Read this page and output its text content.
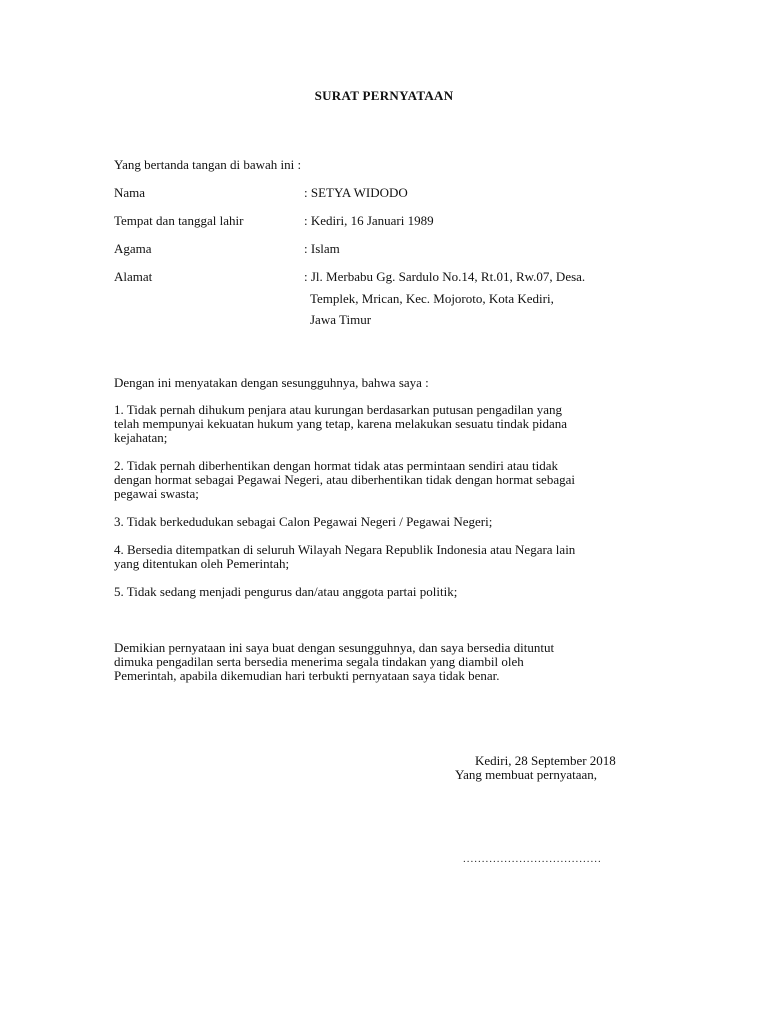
SURAT PERNYATAAN
Yang bertanda tangan di bawah ini :
Nama	: SETYA WIDODO
Tempat dan tanggal lahir	: Kediri, 16 Januari 1989
Agama	: Islam
Alamat	: Jl. Merbabu Gg. Sardulo No.14, Rt.01, Rw.07, Desa.
Templek, Mrican, Kec. Mojoroto, Kota Kediri,
Jawa Timur
Dengan ini menyatakan dengan sesungguhnya, bahwa saya :
1. Tidak pernah dihukum penjara atau kurungan berdasarkan putusan pengadilan yang
telah mempunyai kekuatan hukum yang tetap, karena melakukan sesuatu tindak pidana
kejahatan;
2. Tidak pernah diberhentikan dengan hormat tidak atas permintaan sendiri atau tidak
dengan hormat sebagai Pegawai Negeri, atau diberhentikan tidak dengan hormat sebagai
pegawai swasta;
3. Tidak berkedudukan sebagai Calon Pegawai Negeri / Pegawai Negeri;
4. Bersedia ditempatkan di seluruh Wilayah Negara Republik Indonesia atau Negara lain
yang ditentukan oleh Pemerintah;
5. Tidak sedang menjadi pengurus dan/atau anggota partai politik;
Demikian pernyataan ini saya buat dengan sesungguhnya, dan saya bersedia dituntut
dimuka pengadilan serta bersedia menerima segala tindakan yang diambil oleh
Pemerintah, apabila dikemudian hari terbukti pernyataan saya tidak benar.
Kediri, 28 September 2018
Yang membuat pernyataan,
.....................................
